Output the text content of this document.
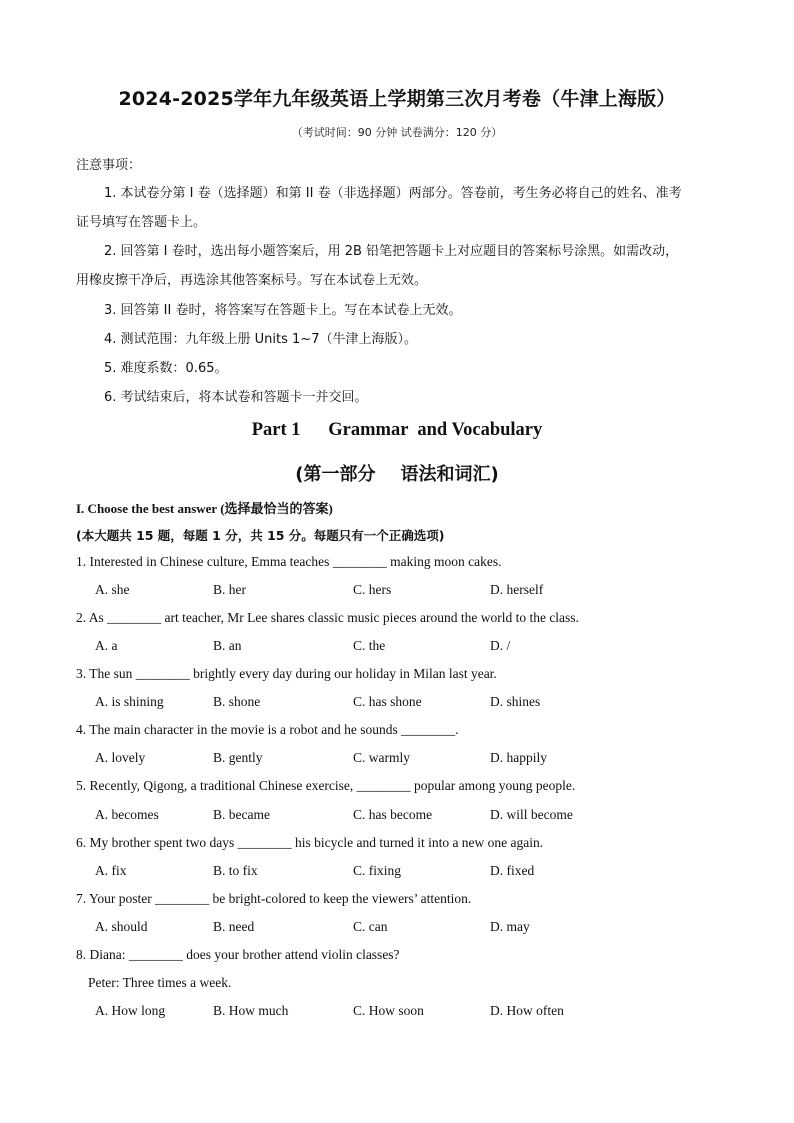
2024-2025学年九年级英语上学期第三次月考卷（牛津上海版）
（考试时间：90 分钟 试卷满分：120 分）
注意事项：
1. 本试卷分第 I 卷（选择题）和第 II 卷（非选择题）两部分。答卷前，考生务必将自己的姓名、准考
证号填写在答题卡上。
2. 回答第 I 卷时，选出每小题答案后，用 2B 铅笔把答题卡上对应题目的答案标号涂黑。如需改动，
用橡皮擦干净后，再选涂其他答案标号。写在本试卷上无效。
3. 回答第 II 卷时，将答案写在答题卡上。写在本试卷上无效。
4. 测试范围：九年级上册 Units 1~7（牛津上海版）。
5. 难度系数：0.65。
6. 考试结束后，将本试卷和答题卡一并交回。
Part 1      Grammar  and Vocabulary
(第一部分    语法和词汇)
I. Choose the best answer (选择最恰当的答案)
(本大题共 15 题，每题 1 分，共 15 分。每题只有一个正确选项)
1. Interested in Chinese culture, Emma teaches ________ making moon cakes.
A. she	B. her	C. hers	D. herself
2. As ________ art teacher, Mr Lee shares classic music pieces around the world to the class.
A. a	B. an	C. the	D. /
3. The sun ________ brightly every day during our holiday in Milan last year.
A. is shining	B. shone	C. has shone	D. shines
4. The main character in the movie is a robot and he sounds ________.
A. lovely	B. gently	C. warmly	D. happily
5. Recently, Qigong, a traditional Chinese exercise, ________ popular among young people.
A. becomes	B. became	C. has become	D. will become
6. My brother spent two days ________ his bicycle and turned it into a new one again.
A. fix	B. to fix	C. fixing	D. fixed
7. Your poster ________ be bright-colored to keep the viewers’ attention.
A. should	B. need	C. can	D. may
8. Diana: ________ does your brother attend violin classes?
Peter: Three times a week.
A. How long	B. How much	C. How soon	D. How often
